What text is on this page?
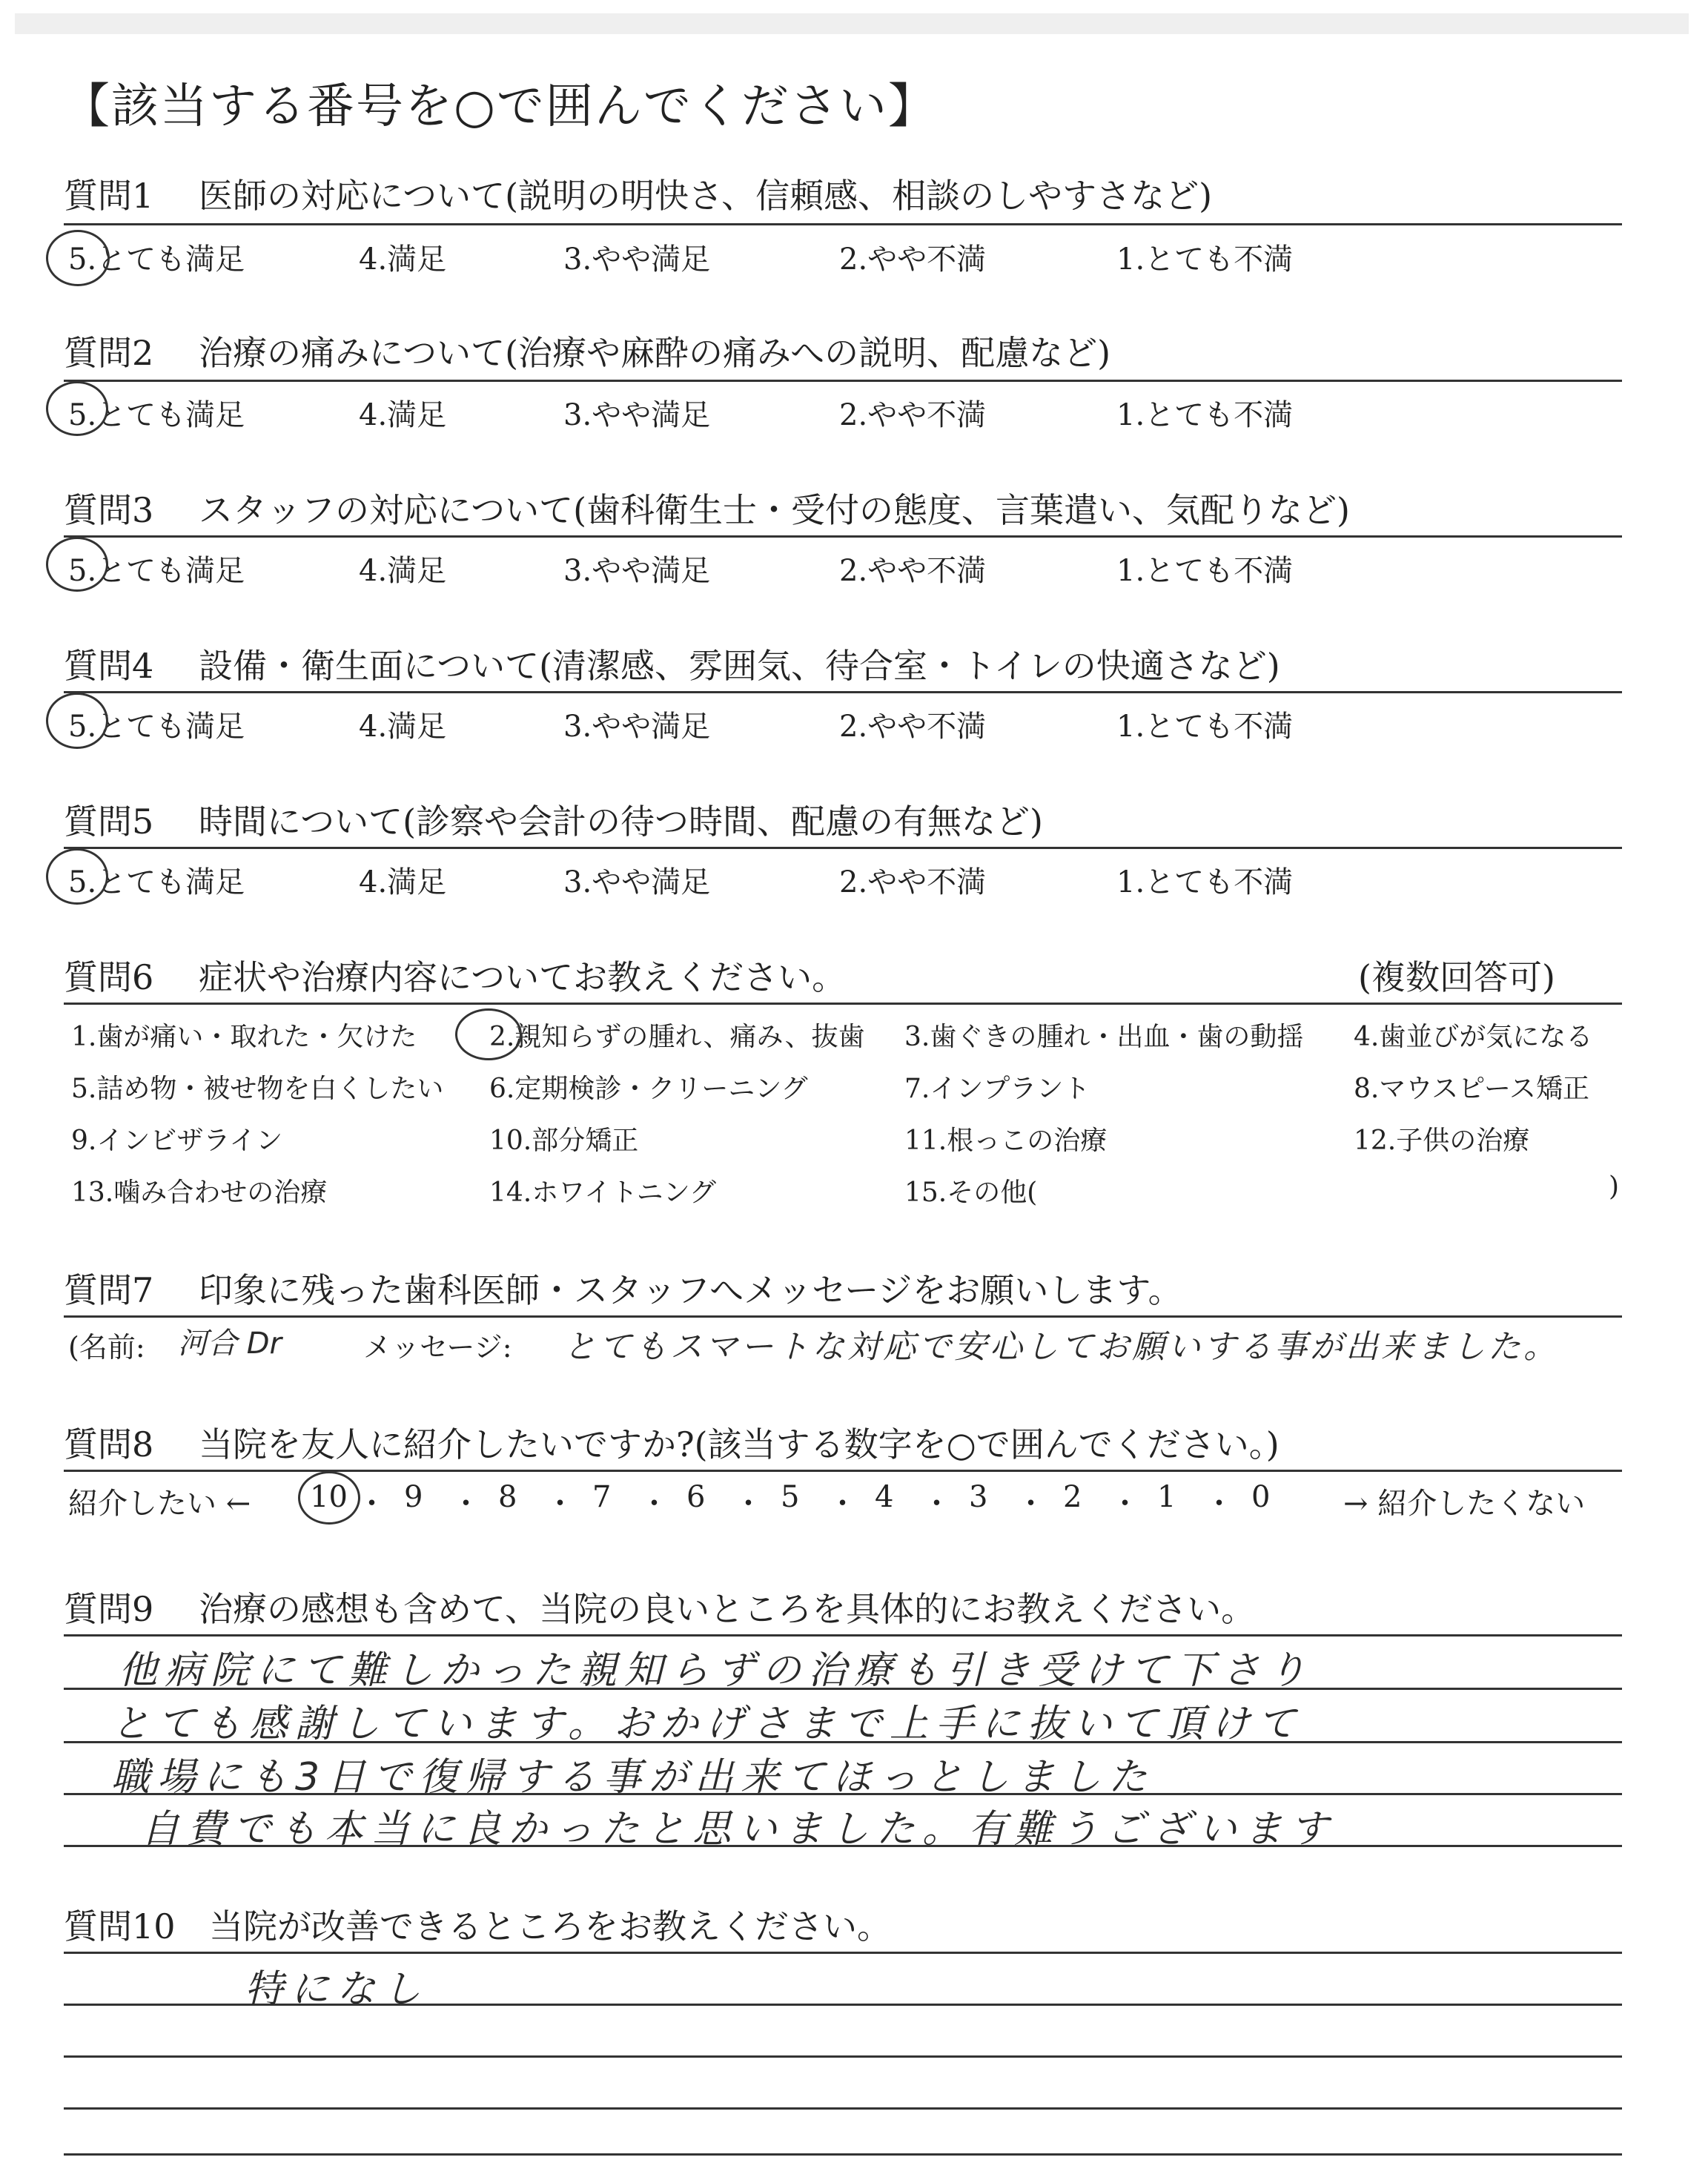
【該当する番号を○で囲んでください】
質問1 医師の対応について(説明の明快さ、信頼感、相談のしやすさなど)
5.とても満足	4.満足	3.やや満足	2.やや不満	1.とても不満
質問2 治療の痛みについて(治療や麻酔の痛みへの説明、配慮など)
5.とても満足	4.満足	3.やや満足	2.やや不満	1.とても不満
質問3 スタッフの対応について(歯科衛生士・受付の態度、言葉遣い、気配りなど)
5.とても満足	4.満足	3.やや満足	2.やや不満	1.とても不満
質問4 設備・衛生面について(清潔感、雰囲気、待合室・トイレの快適さなど)
5.とても満足	4.満足	3.やや満足	2.やや不満	1.とても不満
質問5 時間について(診察や会計の待つ時間、配慮の有無など)
5.とても満足	4.満足	3.やや満足	2.やや不満	1.とても不満
質問6 症状や治療内容についてお教えください。	(複数回答可)
1.歯が痛い・取れた・欠けた	2.親知らずの腫れ、痛み、抜歯 3.歯ぐきの腫れ・出血・歯の動揺 4.歯並びが気になる
5.詰め物・被せ物を白くしたい 6.定期検診・クリーニング	7.インプラント	8.マウスピース矯正
9.インビザライン	10.部分矯正	11.根っこの治療	12.子供の治療
13.噛み合わせの治療	14.ホワイトニング	15.その他(	)
質問7 印象に残った歯科医師・スタッフへメッセージをお願いします。
(名前: 河合 Dr	メッセージ: とてもスマートな対応で安心してお願いする事が出来ました。
質問8 当院を友人に紹介したいですか?(該当する数字を○で囲んでください。)
紹介したい ←	→ 紹介したくない
10 ・ 9 ・ 8 ・ 7 ・ 6 ・ 5 ・ 4 ・ 3 ・ 2 ・ 1 ・ 0
質問9 治療の感想も含めて、当院の良いところを具体的にお教えください。
他病院にて難しかった親知らずの治療も引き受けて下さり
とても感謝しています。おかげさまで上手に抜いて頂けて
職場にも3日で復帰する事が出来てほっとしました
自費でも本当に良かったと思いました。有難うございます
質問10 当院が改善できるところをお教えください。
特になし
